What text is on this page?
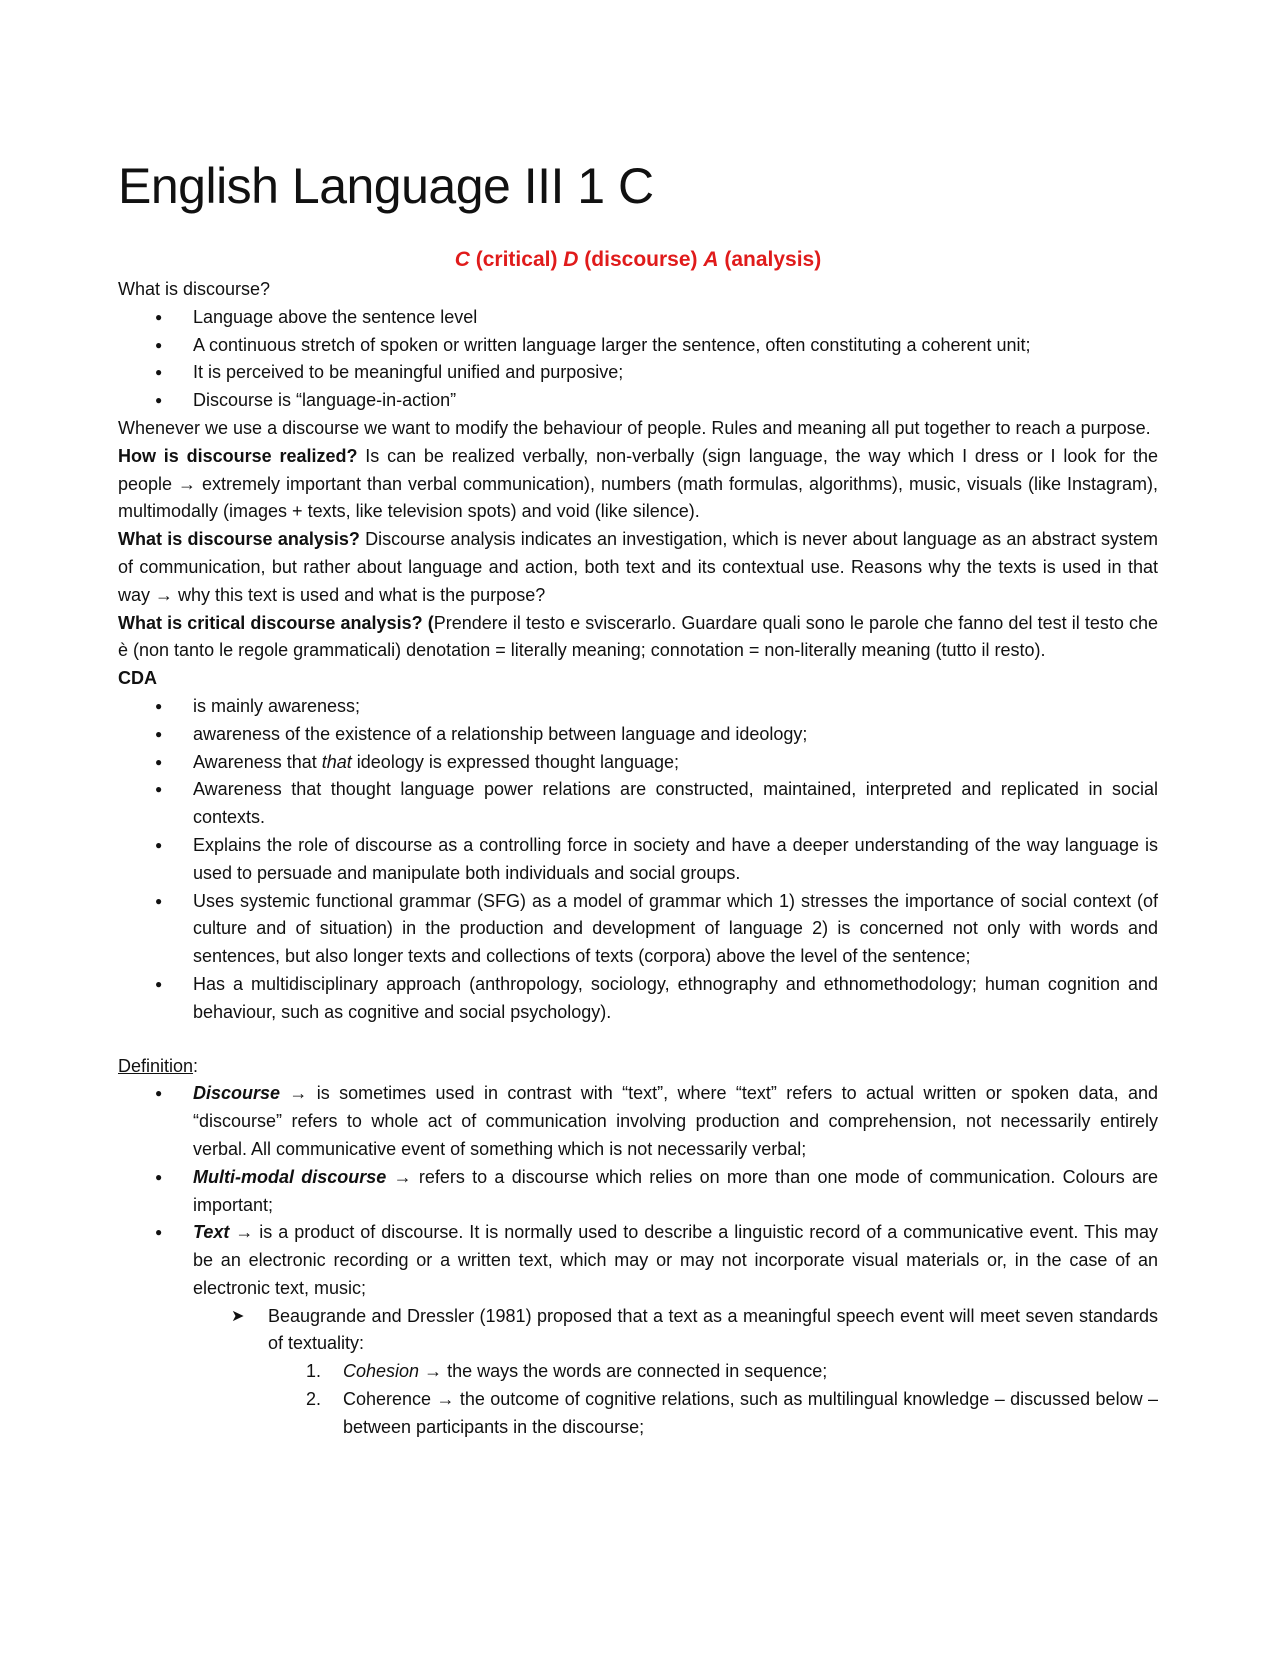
English Language III 1 C
C (critical) D (discourse) A (analysis)

What is discourse?

● Language above the sentence level
● A continuous stretch of spoken or written language larger the sentence, often constituting a coherent unit;
● It is perceived to be meaningful unified and purposive;
● Discourse is “language-in-action”

Whenever we use a discourse we want to modify the behaviour of people. Rules and meaning all put together to reach a purpose.

How is discourse realized? Is can be realized verbally, non-verbally (sign language, the way which I dress or I look for the people → extremely important than verbal communication), numbers (math formulas, algorithms), music, visuals (like Instagram), multimodally (images + texts, like television spots) and void (like silence).

What is discourse analysis? Discourse analysis indicates an investigation, which is never about language as an abstract system of communication, but rather about language and action, both text and its contextual use. Reasons why the texts is used in that way → why this text is used and what is the purpose?

What is critical discourse analysis? (Prendere il testo e sviscerarlo. Guardare quali sono le parole che fanno del test il testo che è (non tanto le regole grammaticali) denotation = literally meaning; connotation = non-literally meaning (tutto il resto).

CDA

● is mainly awareness;
● awareness of the existence of a relationship between language and ideology;
● Awareness that that ideology is expressed thought language;
● Awareness that thought language power relations are constructed, maintained, interpreted and replicated in social contexts.
● Explains the role of discourse as a controlling force in society and have a deeper understanding of the way language is used to persuade and manipulate both individuals and social groups.
● Uses systemic functional grammar (SFG) as a model of grammar which 1) stresses the importance of social context (of culture and of situation) in the production and development of language 2) is concerned not only with words and sentences, but also longer texts and collections of texts (corpora) above the level of the sentence;
● Has a multidisciplinary approach (anthropology, sociology, ethnography and ethnomethodology; human cognition and behaviour, such as cognitive and social psychology).

Definition:

● Discourse → is sometimes used in contrast with “text”, where “text” refers to actual written or spoken data, and “discourse” refers to whole act of communication involving production and comprehension, not necessarily entirely verbal. All communicative event of something which is not necessarily verbal;
● Multi-modal discourse → refers to a discourse which relies on more than one mode of communication. Colours are important;
● Text → is a product of discourse. It is normally used to describe a linguistic record of a communicative event. This may be an electronic recording or a written text, which may or may not incorporate visual materials or, in the case of an electronic text, music;
➤ Beaugrande and Dressler (1981) proposed that a text as a meaningful speech event will meet seven standards of textuality:
1. Cohesion → the ways the words are connected in sequence;
2. Coherence → the outcome of cognitive relations, such as multilingual knowledge – discussed below – between participants in the discourse;
